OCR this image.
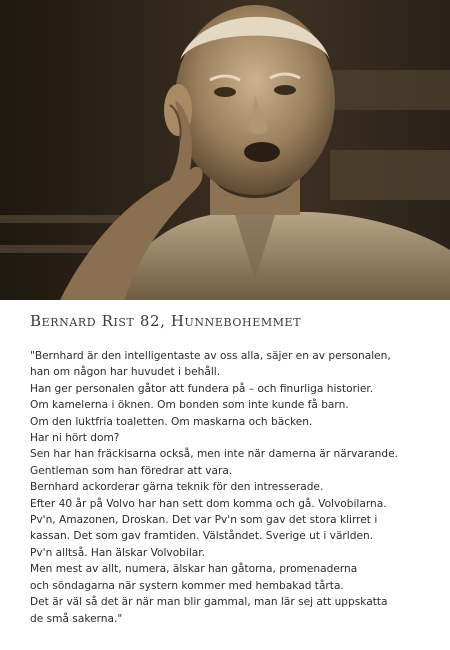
Bernard Rist 82, Hunnebohemmet
"Bernhard är den intelligentaste av oss alla, säjer en av personalen,
han om någon har huvudet i behåll.
Han ger personalen gåtor att fundera på – och finurliga historier.
Om kamelerna i öknen. Om bonden som inte kunde få barn.
Om den luktfria toaletten. Om maskarna och bäcken.
Har ni hört dom?
Sen har han fräckisarna också, men inte när damerna är närvarande.
Gentleman som han föredrar att vara.
Bernhard ackorderar gärna teknik för den intresserade.
Efter 40 år på Volvo har han sett dom komma och gå. Volvobilarna.
Pv'n, Amazonen, Droskan. Det var Pv'n som gav det stora klirret i
kassan. Det som gav framtiden. Välståndet. Sverige ut i världen.
Pv'n alltså. Han älskar Volvobilar.
Men mest av allt, numera, älskar han gåtorna, promenaderna
och söndagarna när systern kommer med hembakad tårta.
Det är väl så det är när man blir gammal, man lär sej att uppskatta
de små sakerna."
